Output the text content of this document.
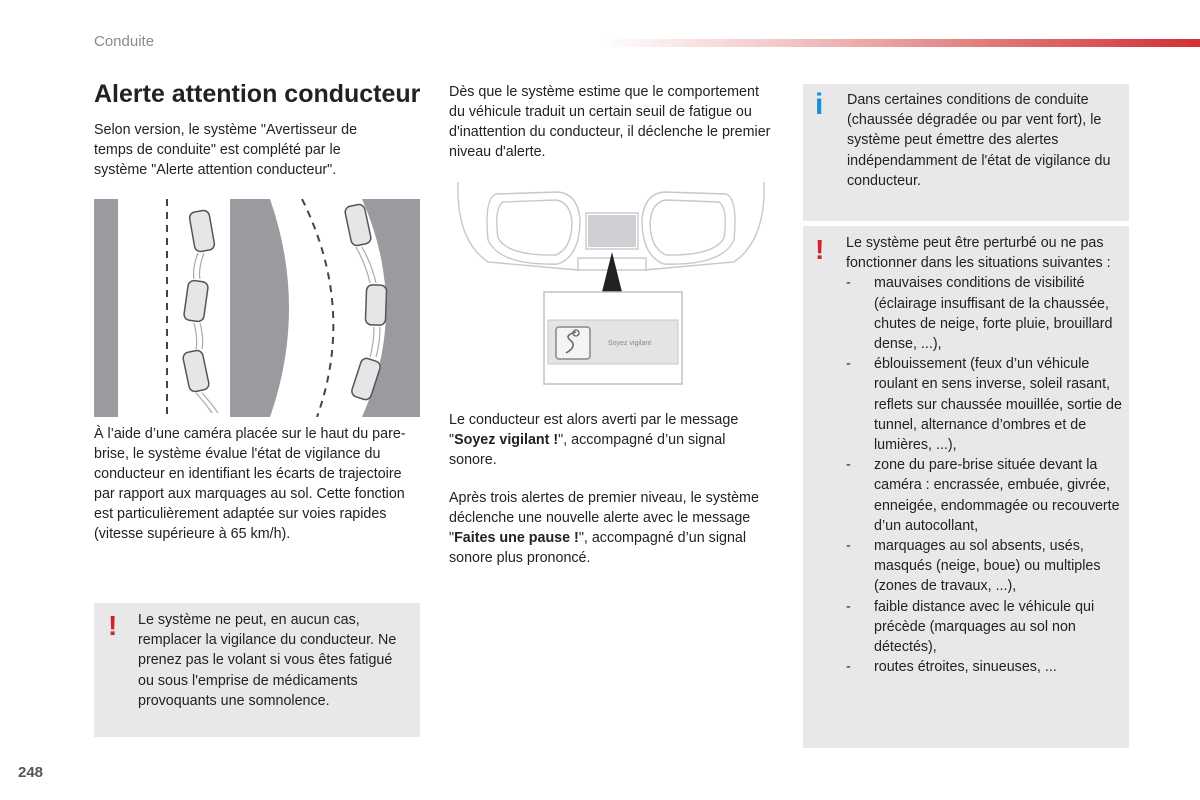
Conduite
Alerte attention conducteur

Selon version, le système "Avertisseur de temps de conduite" est complété par le système "Alerte attention conducteur".

À l’aide d’une caméra placée sur le haut du pare-brise, le système évalue l'état de vigilance du conducteur en identifiant les écarts de trajectoire par rapport aux marquages au sol. Cette fonction est particulièrement adaptée sur voies rapides (vitesse supérieure à 65 km/h).

! Le système ne peut, en aucun cas, remplacer la vigilance du conducteur. Ne prenez pas le volant si vous êtes fatigué ou sous l'emprise de médicaments provoquants une somnolence.

Dès que le système estime que le comportement du véhicule traduit un certain seuil de fatigue ou d'inattention du conducteur, il déclenche le premier niveau d'alerte.

Soyez vigilant

Le conducteur est alors averti par le message "Soyez vigilant !", accompagné d’un signal sonore.

Après trois alertes de premier niveau, le système déclenche une nouvelle alerte avec le message "Faites une pause !", accompagné d’un signal sonore plus prononcé.

i Dans certaines conditions de conduite (chaussée dégradée ou par vent fort), le système peut émettre des alertes indépendamment de l'état de vigilance du conducteur.

! Le système peut être perturbé ou ne pas fonctionner dans les situations suivantes :

- mauvaises conditions de visibilité (éclairage insuffisant de la chaussée, chutes de neige, forte pluie, brouillard dense, ...),
- éblouissement (feux d’un véhicule roulant en sens inverse, soleil rasant, reflets sur chaussée mouillée, sortie de tunnel, alternance d’ombres et de lumières, ...),
- zone du pare-brise située devant la caméra : encrassée, embuée, givrée, enneigée, endommagée ou recouverte d’un autocollant,
- marquages au sol absents, usés, masqués (neige, boue) ou multiples (zones de travaux, ...),
- faible distance avec le véhicule qui précède (marquages au sol non détectés),
- routes étroites, sinueuses, ...
248
